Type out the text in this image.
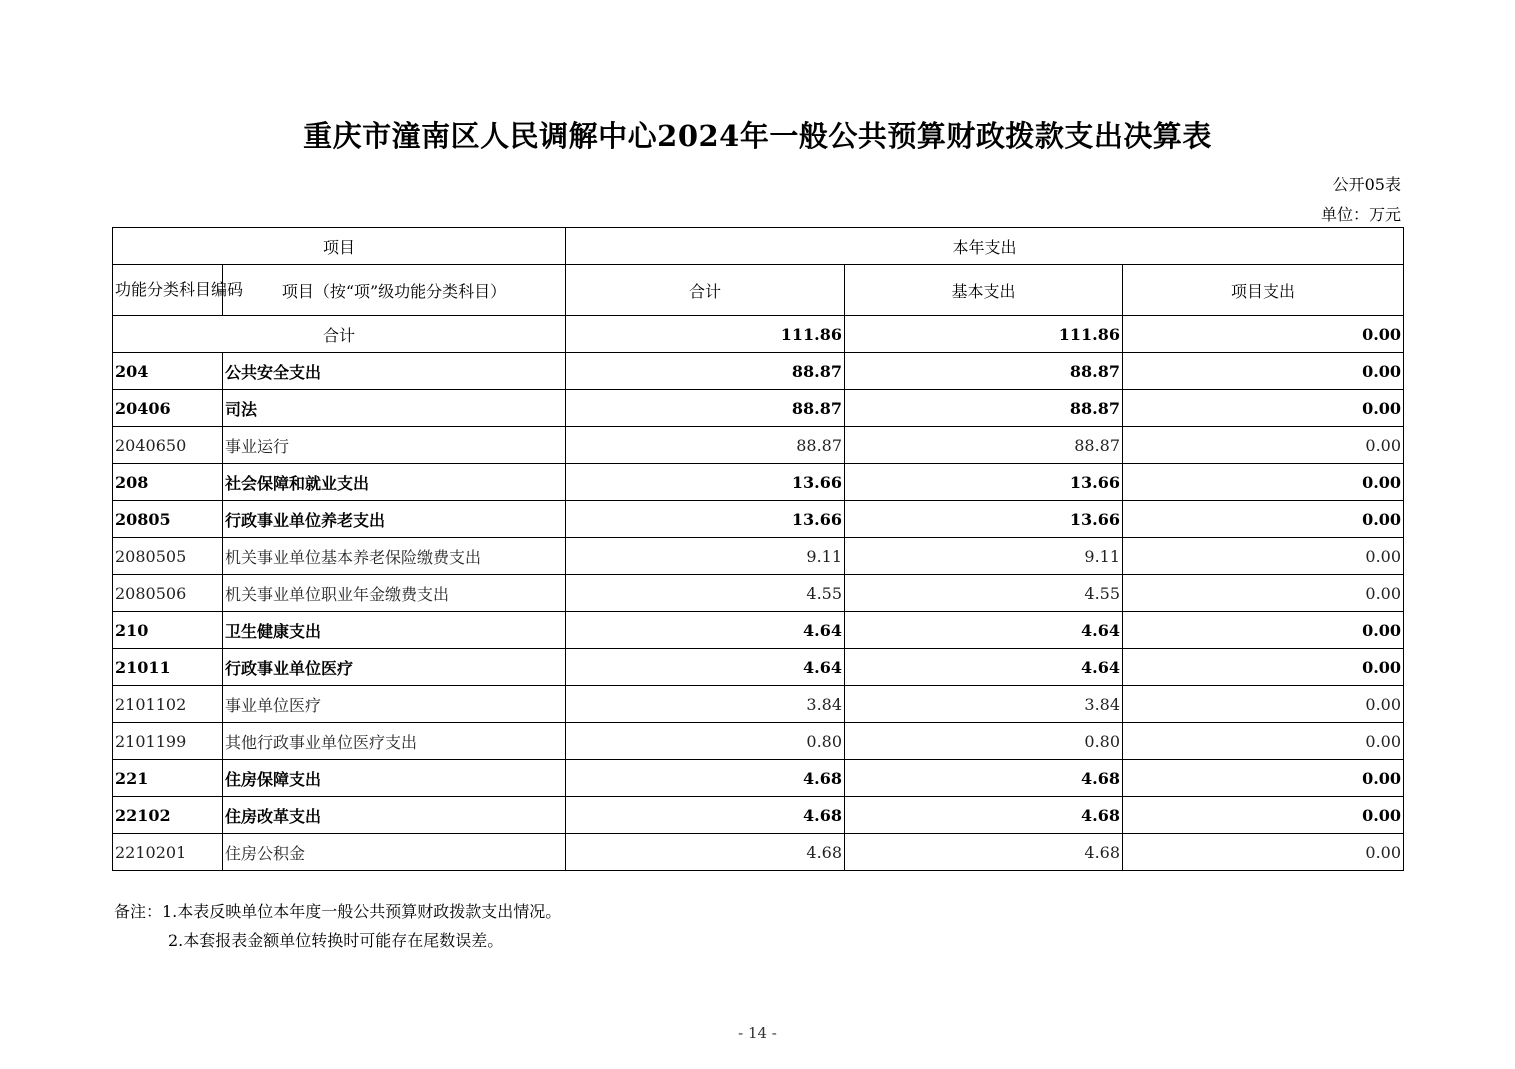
重庆市潼南区人民调解中心2024年一般公共预算财政拨款支出决算表
公开05表
单位：万元
项目		本年支出		
功能分类科目编码	项目（按“项”级功能分类科目）	合计	基本支出	项目支出
合计		111.86	111.86	0.00
204	公共安全支出	88.87	88.87	0.00
20406	司法	88.87	88.87	0.00
2040650	事业运行	88.87	88.87	0.00
208	社会保障和就业支出	13.66	13.66	0.00
20805	行政事业单位养老支出	13.66	13.66	0.00
2080505	机关事业单位基本养老保险缴费支出	9.11	9.11	0.00
2080506	机关事业单位职业年金缴费支出	4.55	4.55	0.00
210	卫生健康支出	4.64	4.64	0.00
21011	行政事业单位医疗	4.64	4.64	0.00
2101102	事业单位医疗	3.84	3.84	0.00
2101199	其他行政事业单位医疗支出	0.80	0.80	0.00
221	住房保障支出	4.68	4.68	0.00
22102	住房改革支出	4.68	4.68	0.00
2210201	住房公积金	4.68	4.68	0.00
备注：1.本表反映单位本年度一般公共预算财政拨款支出情况。
2.本套报表金额单位转换时可能存在尾数误差。
- 14 -
